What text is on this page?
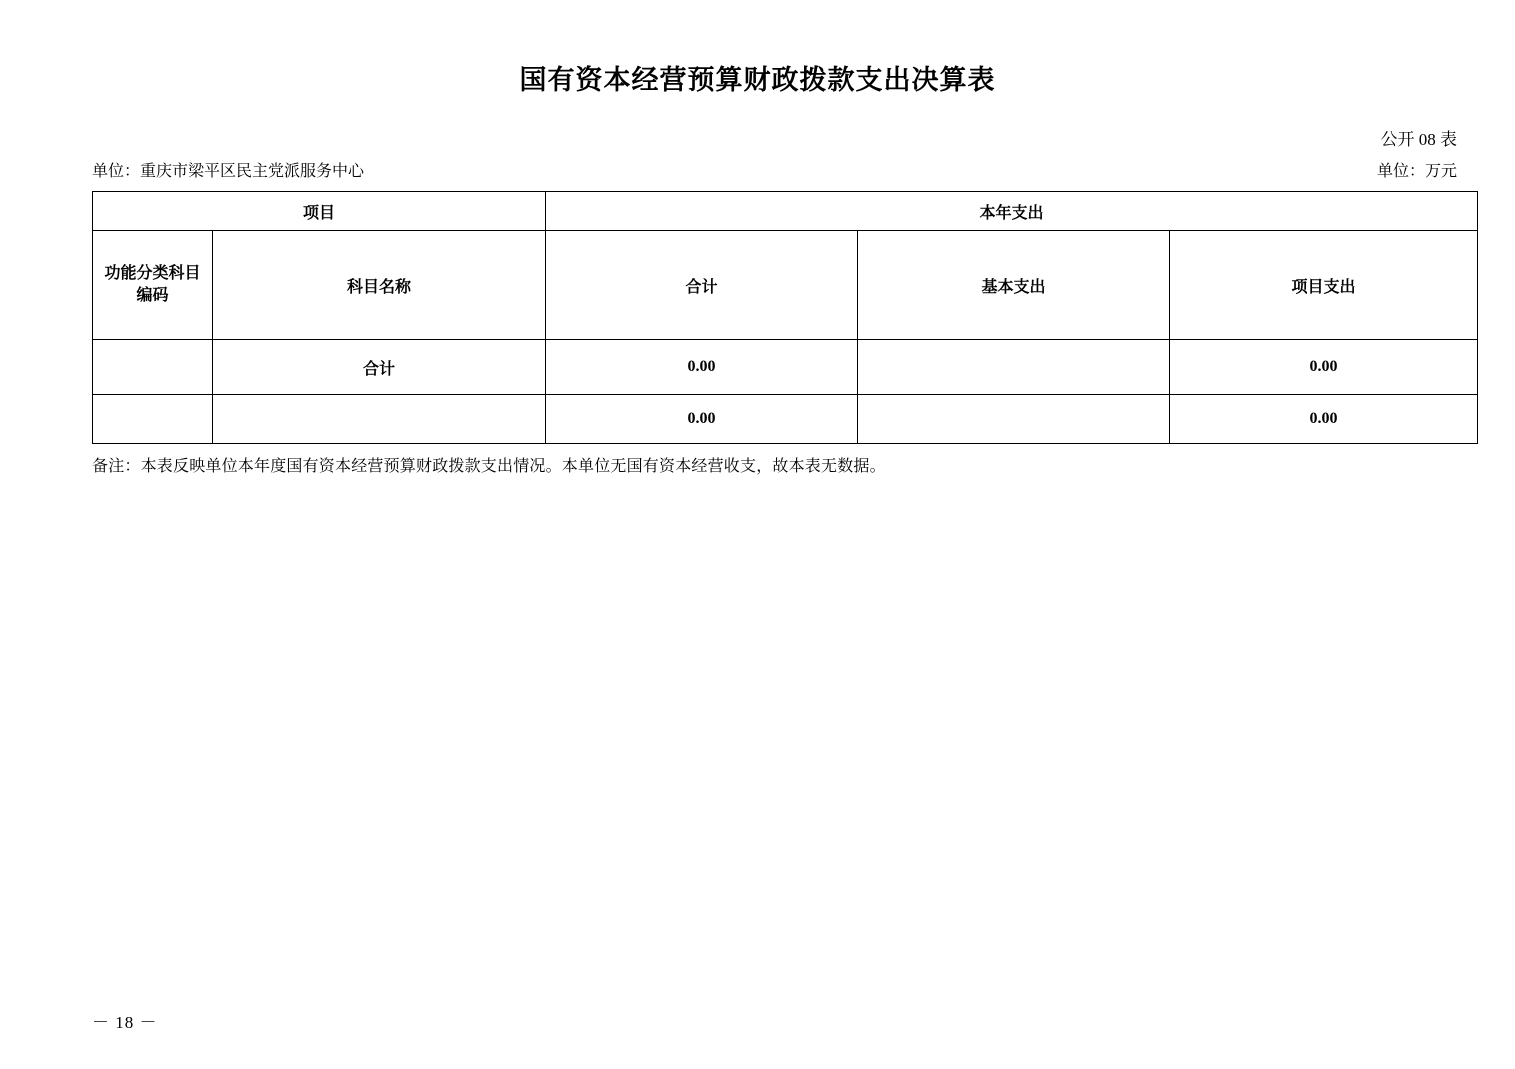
国有资本经营预算财政拨款支出决算表
公开 08 表
单位：重庆市梁平区民主党派服务中心	单位：万元
项目		本年支出		

功能分类科目
编码	科目名称	合计	基本支出	项目支出
	合计	0.00		0.00
		0.00		0.00
备注：本表反映单位本年度国有资本经营预算财政拨款支出情况。本单位无国有资本经营收支，故本表无数据。
－ 18 －
